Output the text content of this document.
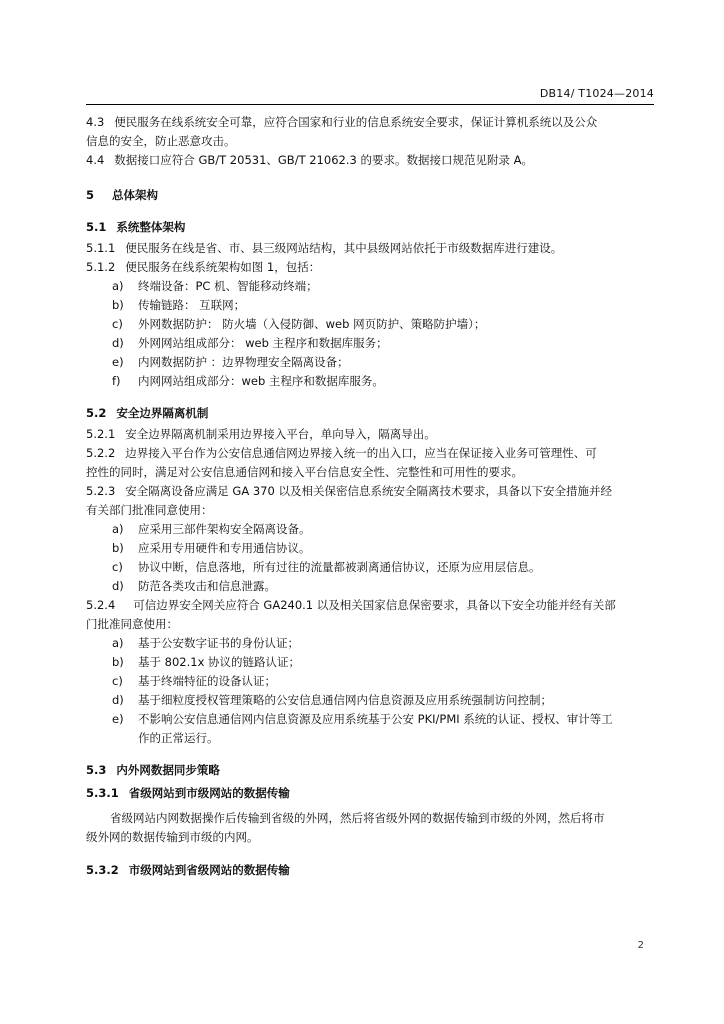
DB14/ T1024—2014
4.3 便民服务在线系统安全可靠，应符合国家和行业的信息系统安全要求，保证计算机系统以及公众
信息的安全，防止恶意攻击。
4.4 数据接口应符合 GB/T 20531、GB/T 21062.3 的要求。数据接口规范见附录 A。
5 总体架构
5.1 系统整体架构
5.1.1 便民服务在线是省、市、县三级网站结构，其中县级网站依托于市级数据库进行建设。
5.1.2 便民服务在线系统架构如图 1，包括：
a) 终端设备：PC 机、智能移动终端；
b) 传输链路： 互联网；
c) 外网数据防护： 防火墙（入侵防御、web 网页防护、策略防护墙）；
d) 外网网站组成部分： web 主程序和数据库服务；
e) 内网数据防护 ：边界物理安全隔离设备；
f) 内网网站组成部分：web 主程序和数据库服务。
5.2 安全边界隔离机制
5.2.1 安全边界隔离机制采用边界接入平台，单向导入，隔离导出。
5.2.2 边界接入平台作为公安信息通信网边界接入统一的出入口，应当在保证接入业务可管理性、可
控性的同时，满足对公安信息通信网和接入平台信息安全性、完整性和可用性的要求。
5.2.3 安全隔离设备应满足 GA 370 以及相关保密信息系统安全隔离技术要求，具备以下安全措施并经
有关部门批准同意使用：
a) 应采用三部件架构安全隔离设备。
b) 应采用专用硬件和专用通信协议。
c) 协议中断，信息落地，所有过往的流量都被剥离通信协议，还原为应用层信息。
d) 防范各类攻击和信息泄露。
5.2.4 可信边界安全网关应符合 GA240.1 以及相关国家信息保密要求，具备以下安全功能并经有关部
门批准同意使用：
a) 基于公安数字证书的身份认证；
b) 基于 802.1x 协议的链路认证；
c) 基于终端特征的设备认证；
d) 基于细粒度授权管理策略的公安信息通信网内信息资源及应用系统强制访问控制；
e) 不影响公安信息通信网内信息资源及应用系统基于公安 PKI/PMI 系统的认证、授权、审计等工
作的正常运行。
5.3 内外网数据同步策略
5.3.1 省级网站到市级网站的数据传输
省级网站内网数据操作后传输到省级的外网，然后将省级外网的数据传输到市级的外网，然后将市
级外网的数据传输到市级的内网。
5.3.2 市级网站到省级网站的数据传输
2
